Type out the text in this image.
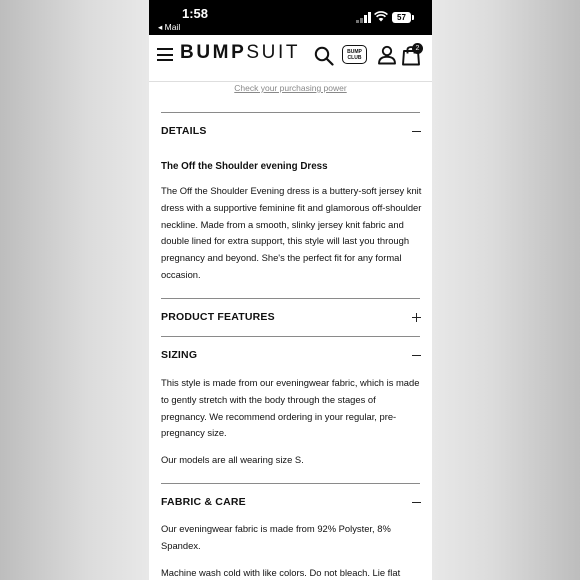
1:58
◂ Mail
57
BUMPSUIT	BUMP
CLUB
2
Check your purchasing power
DETAILS
The Off the Shoulder evening Dress
The Off the Shoulder Evening dress is a buttery-soft jersey knit dress with a supportive feminine fit and glamorous off-shoulder neckline. Made from a smooth, slinky jersey knit fabric and double lined for extra support, this style will last you through pregnancy and beyond. She's the perfect fit for any formal occasion.
PRODUCT FEATURES
SIZING
This style is made from our eveningwear fabric, which is made to gently stretch with the body through the stages of pregnancy. We recommend ordering in your regular, pre-pregnancy size.
Our models are all wearing size S.
FABRIC & CARE
Our eveningwear fabric is made from 92% Polyster, 8% Spandex.
Machine wash cold with like colors. Do not bleach. Lie flat
